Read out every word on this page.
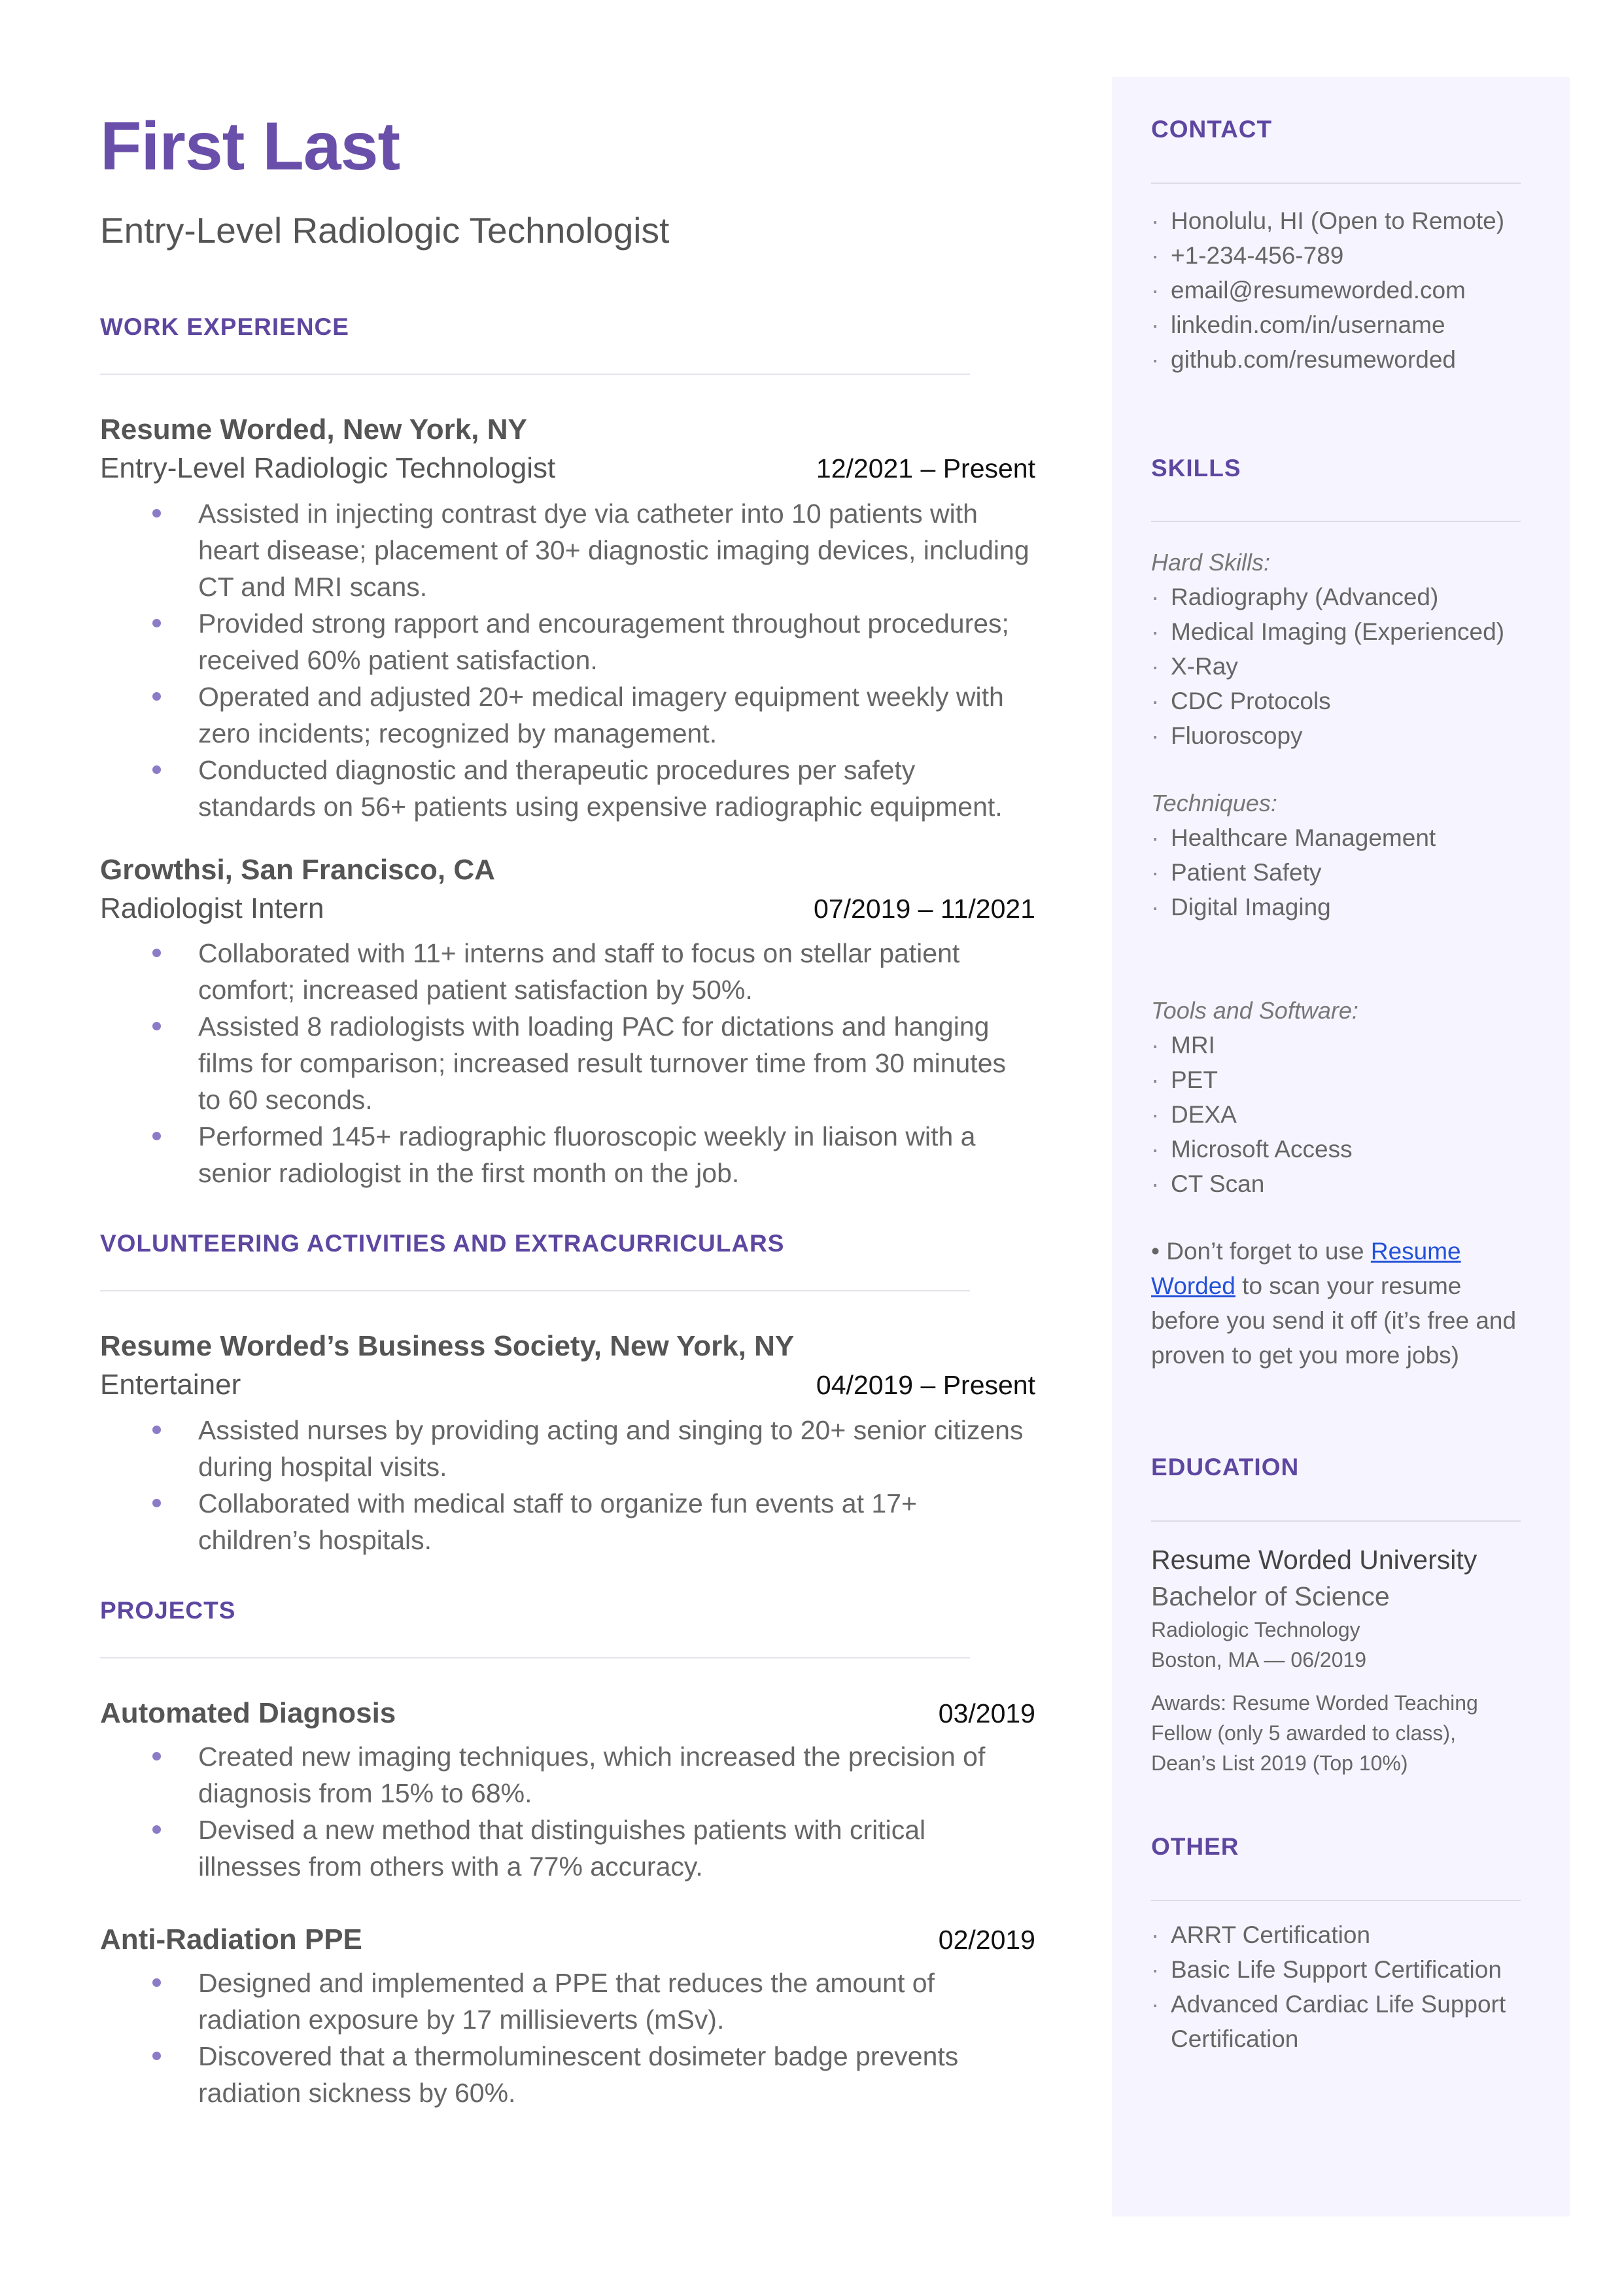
First Last
Entry-Level Radiologic Technologist
WORK EXPERIENCE
Resume Worded, New York, NY
Entry-Level Radiologic Technologist	12/2021 – Present
Assisted in injecting contrast dye via catheter into 10 patients with heart disease; placement of 30+ diagnostic imaging devices, including CT and MRI scans.
Provided strong rapport and encouragement throughout procedures; received 60% patient satisfaction.
Operated and adjusted 20+ medical imagery equipment weekly with zero incidents; recognized by management.
Conducted diagnostic and therapeutic procedures per safety standards on 56+ patients using expensive radiographic equipment.
Growthsi, San Francisco, CA
Radiologist Intern	07/2019 – 11/2021
Collaborated with 11+ interns and staff to focus on stellar patient comfort; increased patient satisfaction by 50%.
Assisted 8 radiologists with loading PAC for dictations and hanging films for comparison; increased result turnover time from 30 minutes to 60 seconds.
Performed 145+ radiographic fluoroscopic weekly in liaison with a senior radiologist in the first month on the job.
VOLUNTEERING ACTIVITIES AND EXTRACURRICULARS
Resume Worded’s Business Society, New York, NY
Entertainer	04/2019 – Present
Assisted nurses by providing acting and singing to 20+ senior citizens during hospital visits.
Collaborated with medical staff to organize fun events at 17+ children’s hospitals.
PROJECTS
Automated Diagnosis	03/2019
Created new imaging techniques, which increased the precision of diagnosis from 15% to 68%.
Devised a new method that distinguishes patients with critical illnesses from others with a 77% accuracy.
Anti-Radiation PPE	02/2019
Designed and implemented a PPE that reduces the amount of radiation exposure by 17 millisieverts (mSv).
Discovered that a thermoluminescent dosimeter badge prevents radiation sickness by 60%.
CONTACT
· Honolulu, HI (Open to Remote)
· +1-234-456-789
· email@resumeworded.com
· linkedin.com/in/username
· github.com/resumeworded
SKILLS
Hard Skills:
· Radiography (Advanced)
· Medical Imaging (Experienced)
· X-Ray
· CDC Protocols
· Fluoroscopy
Techniques:
· Healthcare Management
· Patient Safety
· Digital Imaging
Tools and Software:
· MRI
· PET
· DEXA
· Microsoft Access
· CT Scan
• Don’t forget to use Resume Worded to scan your resume before you send it off (it’s free and proven to get you more jobs)
EDUCATION
Resume Worded University
Bachelor of Science
Radiologic Technology
Boston, MA — 06/2019
Awards: Resume Worded Teaching Fellow (only 5 awarded to class), Dean’s List 2019 (Top 10%)
OTHER
· ARRT Certification
· Basic Life Support Certification
· Advanced Cardiac Life Support Certification
